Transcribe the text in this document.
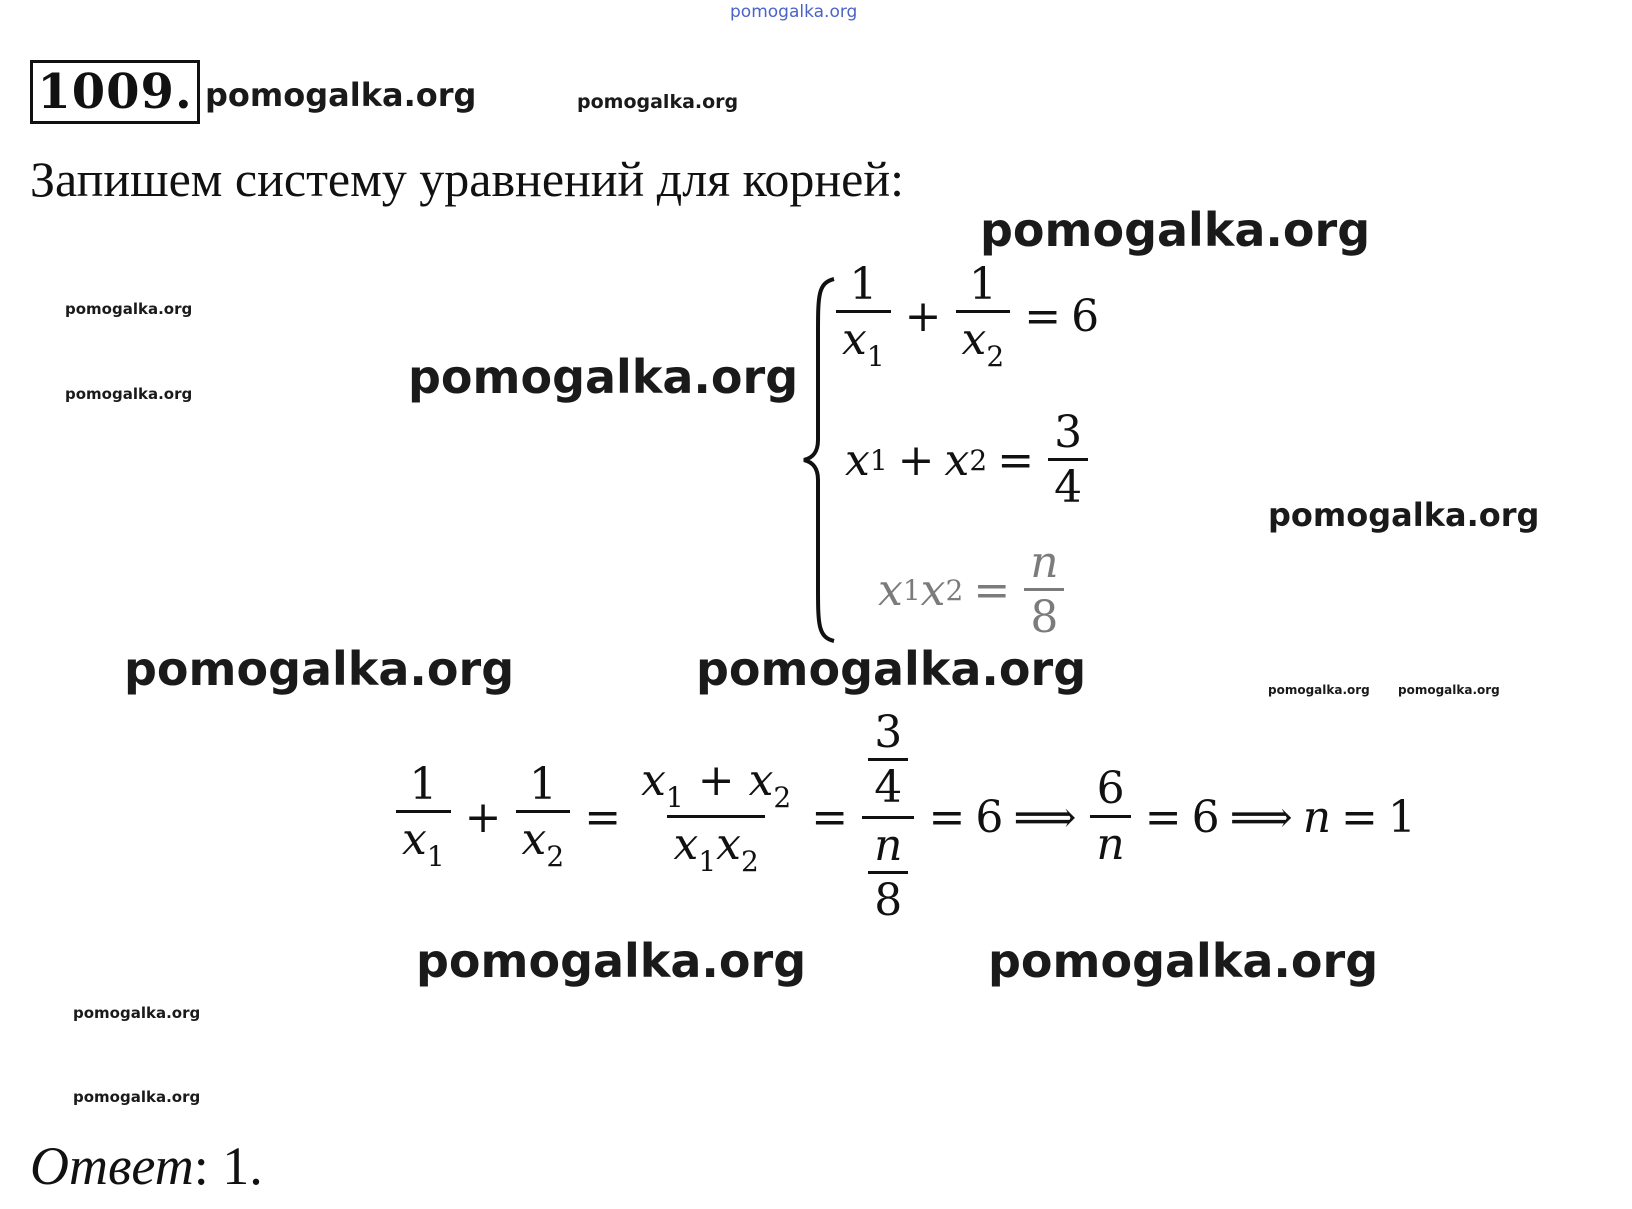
pomogalka.org
1009. pomogalka.org	pomogalka.org
Запишем систему уравнений для корней:
pomogalka.org
pomogalka.org
pomogalka.org	pomogalka.org
pomogalka.org
$\frac{1}{x_1} + \frac{1}{x_2} = 6$
x 1 + x $2 = \frac{3}{4}$
x 1 x $2 = \frac{n}{8}$
pomogalka.org	pomogalka.org	pomogalka.org pomogalka.org
$\frac{1}{x_1} + \frac{1}{x_2} = \frac{x_1 + x_2}{x_1x_2} = \frac{\frac{3}{4}}{\frac{n}{8}} = 6$ ⟹ $\frac{6}{n} = 6$ ⟹ n = 1
pomogalka.org	pomogalka.org
pomogalka.org
pomogalka.org
Ответ: 1.
